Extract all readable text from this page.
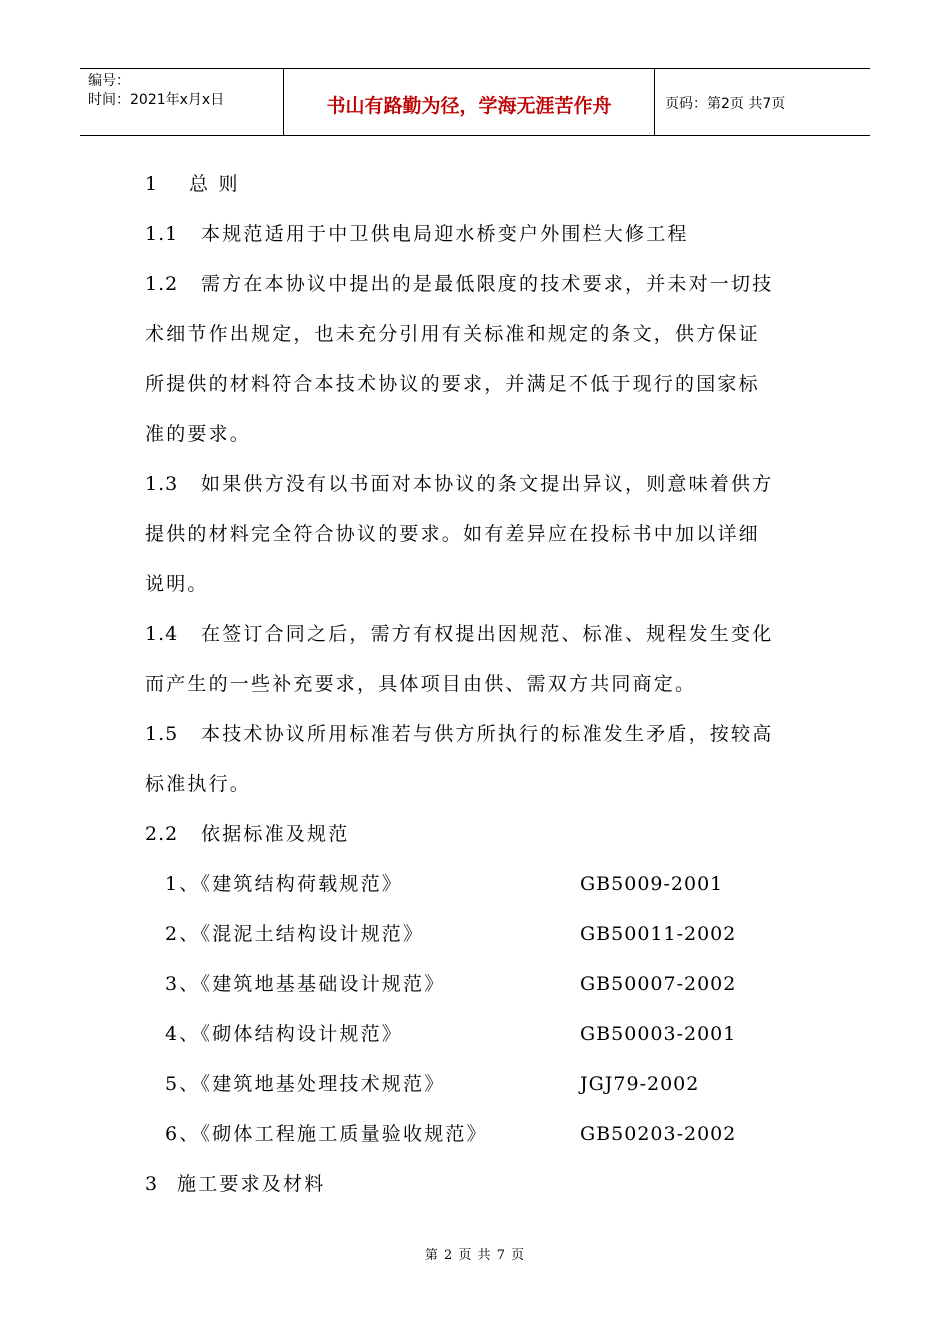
编号：
时间：2021年x月x日	书山有路勤为径，学海无涯苦作舟	页码：第2页 共7页
1 总 则
1.1 本规范适用于中卫供电局迎水桥变户外围栏大修工程
1.2 需方在本协议中提出的是最低限度的技术要求，并未对一切技
术细节作出规定，也未充分引用有关标准和规定的条文，供方保证
所提供的材料符合本技术协议的要求，并满足不低于现行的国家标
准的要求。
1.3 如果供方没有以书面对本协议的条文提出异议，则意味着供方
提供的材料完全符合协议的要求。如有差异应在投标书中加以详细
说明。
1.4 在签订合同之后，需方有权提出因规范、标准、规程发生变化
而产生的一些补充要求，具体项目由供、需双方共同商定。
1.5 本技术协议所用标准若与供方所执行的标准发生矛盾，按较高
标准执行。
2.2 依据标准及规范
1、《建筑结构荷载规范》	GB5009-2001
2、《混泥土结构设计规范》	GB50011-2002
3、《建筑地基基础设计规范》	GB50007-2002
4、《砌体结构设计规范》	GB50003-2001
5、《建筑地基处理技术规范》	JGJ79-2002
6、《砌体工程施工质量验收规范》	GB50203-2002
3 施工要求及材料
第 2 页 共 7 页
